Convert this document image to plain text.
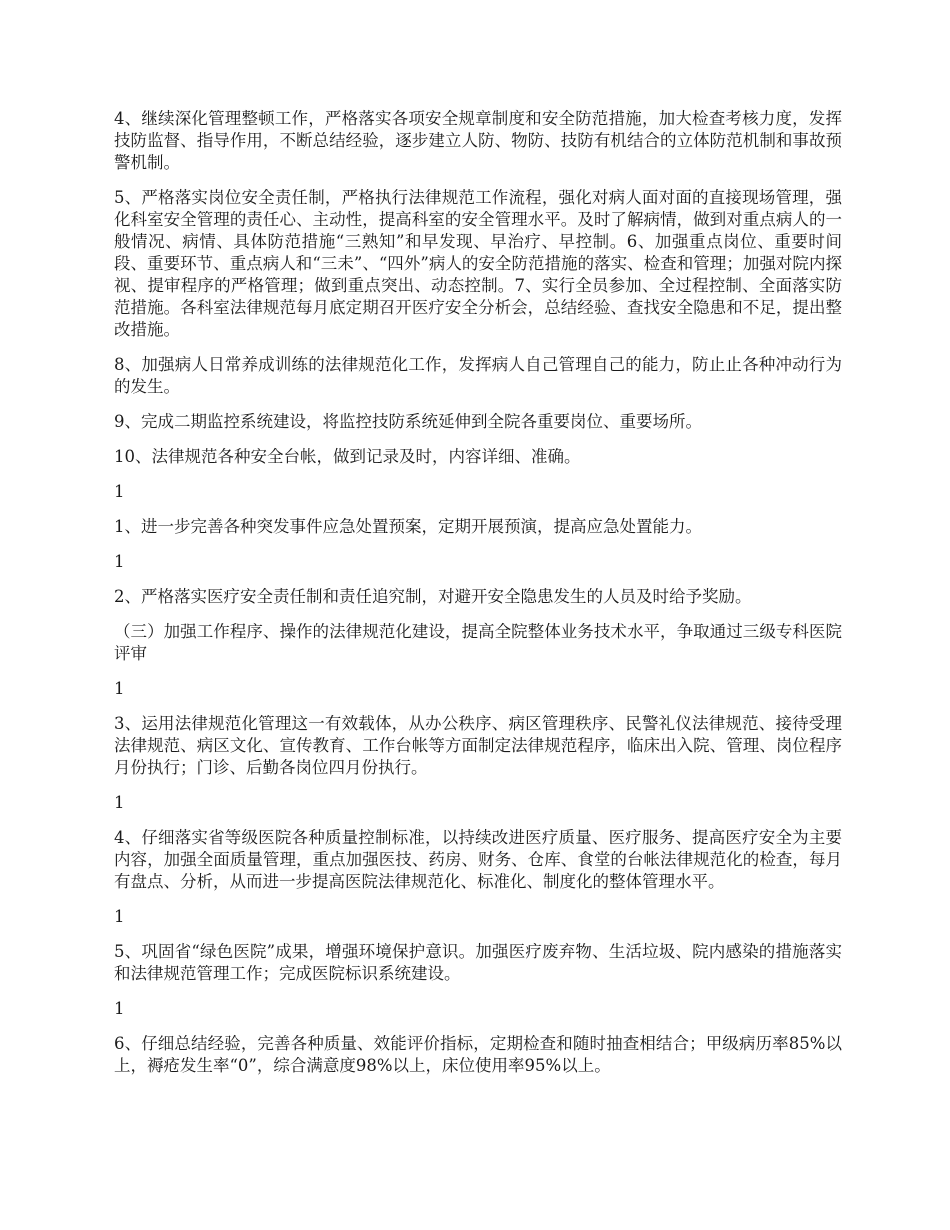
4、继续深化管理整顿工作，严格落实各项安全规章制度和安全防范措施，加大检查考核力度，发挥技防监督、指导作用，不断总结经验，逐步建立人防、物防、技防有机结合的立体防范机制和事故预警机制。

5、严格落实岗位安全责任制，严格执行法律规范工作流程，强化对病人面对面的直接现场管理，强化科室安全管理的责任心、主动性，提高科室的安全管理水平。及时了解病情，做到对重点病人的一般情况、病情、具体防范措施“三熟知”和早发现、早治疗、早控制。6、加强重点岗位、重要时间段、重要环节、重点病人和“三未”、“四外”病人的安全防范措施的落实、检查和管理；加强对院内探视、提审程序的严格管理；做到重点突出、动态控制。7、实行全员参加、全过程控制、全面落实防范措施。各科室法律规范每月底定期召开医疗安全分析会，总结经验、查找安全隐患和不足，提出整改措施。

8、加强病人日常养成训练的法律规范化工作，发挥病人自己管理自己的能力，防止止各种冲动行为的发生。

9、完成二期监控系统建设，将监控技防系统延伸到全院各重要岗位、重要场所。

10、法律规范各种安全台帐，做到记录及时，内容详细、准确。

1

1、进一步完善各种突发事件应急处置预案，定期开展预演，提高应急处置能力。

1

2、严格落实医疗安全责任制和责任追究制，对避开安全隐患发生的人员及时给予奖励。

（三）加强工作程序、操作的法律规范化建设，提高全院整体业务技术水平，争取通过三级专科医院评审

1

3、运用法律规范化管理这一有效载体，从办公秩序、病区管理秩序、民警礼仪法律规范、接待受理法律规范、病区文化、宣传教育、工作台帐等方面制定法律规范程序，临床出入院、管理、岗位程序月份执行；门诊、后勤各岗位四月份执行。

1

4、仔细落实省等级医院各种质量控制标准，以持续改进医疗质量、医疗服务、提高医疗安全为主要内容，加强全面质量管理，重点加强医技、药房、财务、仓库、食堂的台帐法律规范化的检查，每月有盘点、分析，从而进一步提高医院法律规范化、标准化、制度化的整体管理水平。

1

5、巩固省“绿色医院”成果，增强环境保护意识。加强医疗废弃物、生活垃圾、院内感染的措施落实和法律规范管理工作；完成医院标识系统建设。

1

6、仔细总结经验，完善各种质量、效能评价指标，定期检查和随时抽查相结合；甲级病历率85%以上，褥疮发生率“0”，综合满意度98%以上，床位使用率95%以上。
